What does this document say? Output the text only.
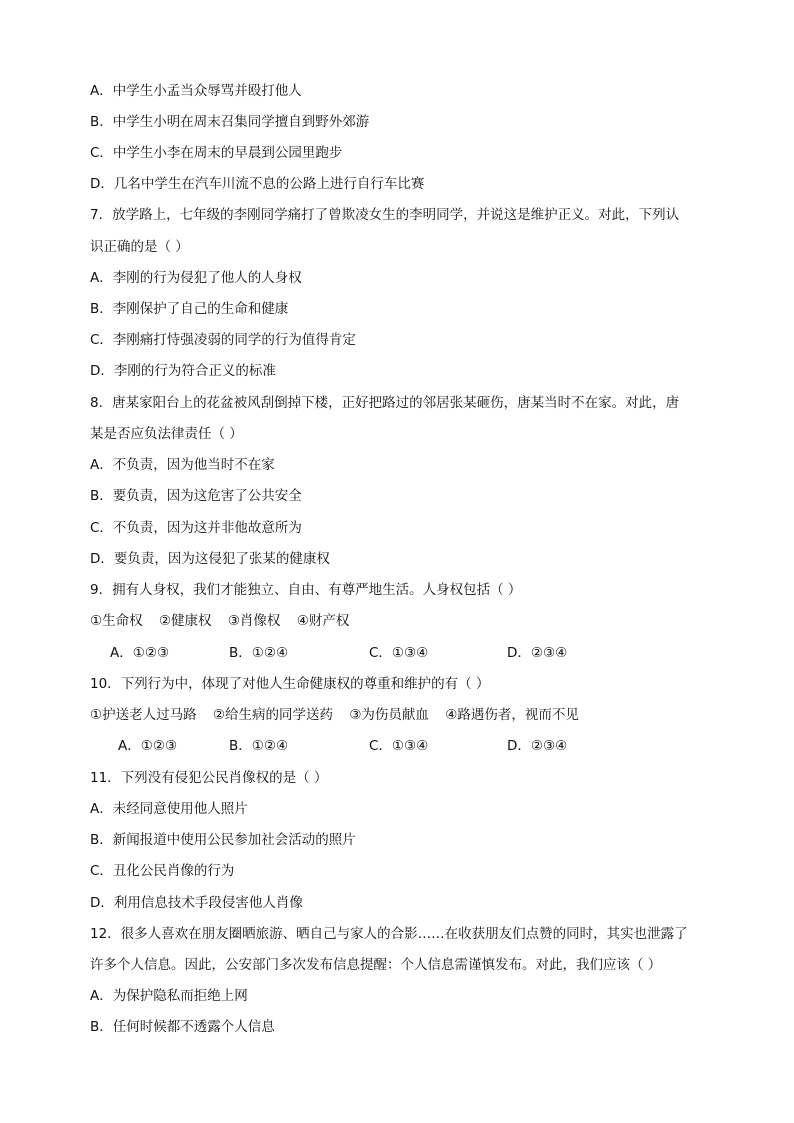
A．中学生小孟当众辱骂并殴打他人
B．中学生小明在周末召集同学擅自到野外郊游
C．中学生小李在周末的早晨到公园里跑步
D．几名中学生在汽车川流不息的公路上进行自行车比赛
7．放学路上，七年级的李刚同学痛打了曾欺凌女生的李明同学，并说这是维护正义。对此，下列认
识正确的是（ ）
A．李刚的行为侵犯了他人的人身权
B．李刚保护了自己的生命和健康
C．李刚痛打恃强凌弱的同学的行为值得肯定
D．李刚的行为符合正义的标准
8．唐某家阳台上的花盆被风刮倒掉下楼，正好把路过的邻居张某砸伤，唐某当时不在家。对此，唐
某是否应负法律责任（ ）
A．不负责，因为他当时不在家
B．要负责，因为这危害了公共安全
C．不负责，因为这并非他故意所为
D．要负责，因为这侵犯了张某的健康权
9．拥有人身权，我们才能独立、自由、有尊严地生活。人身权包括（ ）
①生命权 ②健康权 ③肖像权 ④财产权
A．①②③	B．①②④	C．①③④	D．②③④
10．下列行为中，体现了对他人生命健康权的尊重和维护的有（ ）
①护送老人过马路 ②给生病的同学送药 ③为伤员献血 ④路遇伤者，视而不见
A．①②③	B．①②④	C．①③④	D．②③④
11．下列没有侵犯公民肖像权的是（ ）
A．未经同意使用他人照片
B．新闻报道中使用公民参加社会活动的照片
C．丑化公民肖像的行为
D．利用信息技术手段侵害他人肖像
12．很多人喜欢在朋友圈晒旅游、晒自己与家人的合影……在收获朋友们点赞的同时，其实也泄露了
许多个人信息。因此，公安部门多次发布信息提醒：个人信息需谨慎发布。对此，我们应该（ ）
A．为保护隐私而拒绝上网
B．任何时候都不透露个人信息
